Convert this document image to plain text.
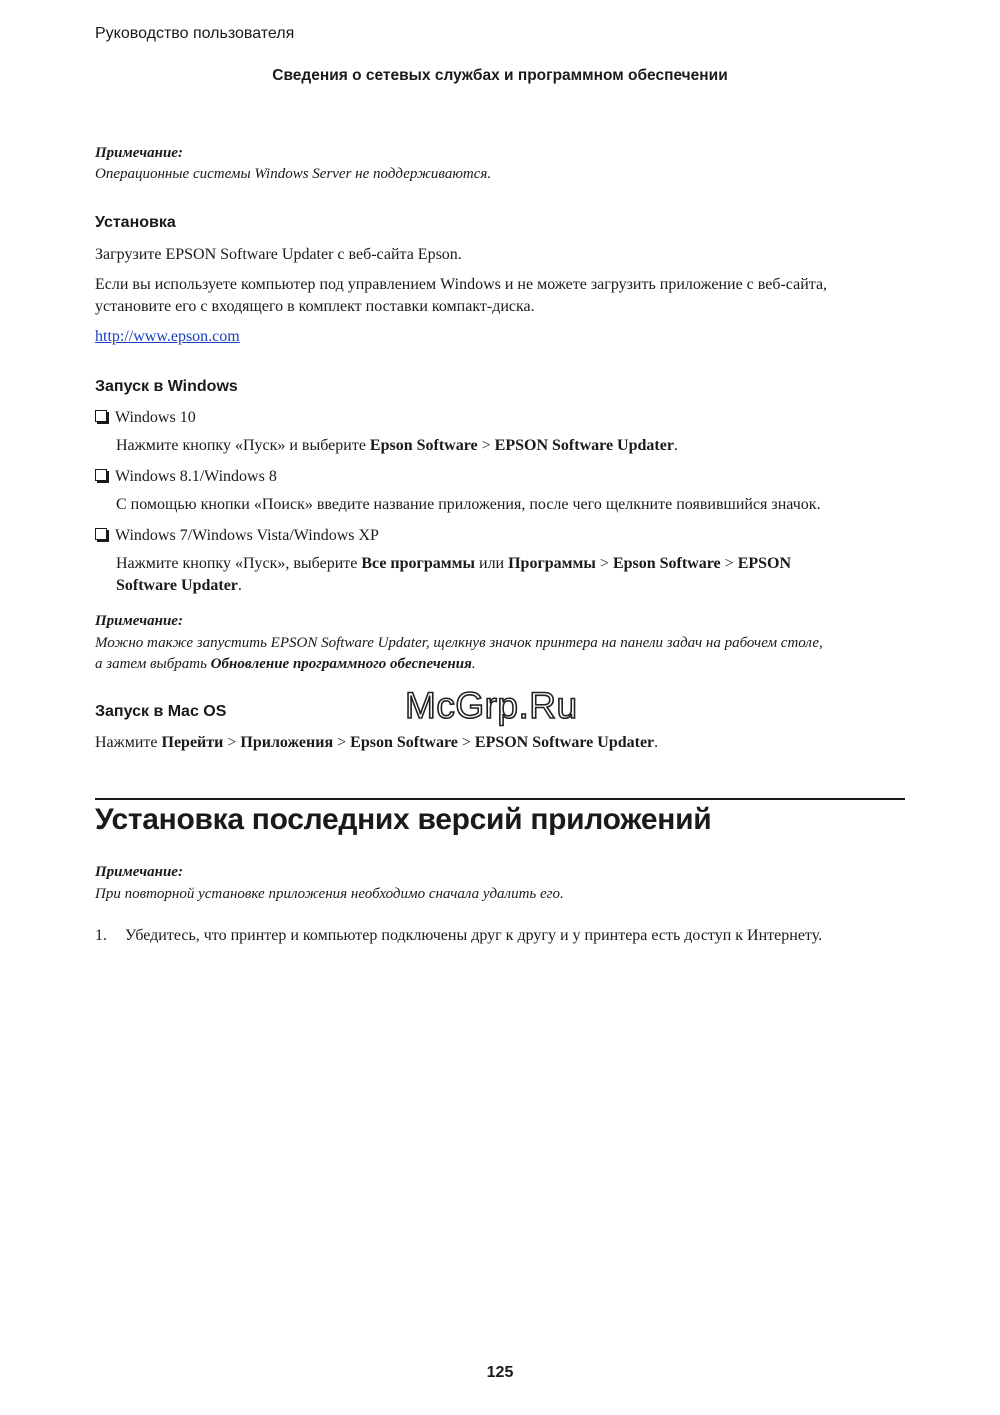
Руководство пользователя
Сведения о сетевых службах и программном обеспечении
Примечание:
Операционные системы Windows Server не поддерживаются.
Установка
Загрузите EPSON Software Updater с веб-сайта Epson.
Если вы используете компьютер под управлением Windows и не можете загрузить приложение с веб-сайта,
установите его с входящего в комплект поставки компакт-диска.
http://www.epson.com
Запуск в Windows
Windows 10
Нажмите кнопку «Пуск» и выберите Epson Software > EPSON Software Updater.
Windows 8.1/Windows 8
С помощью кнопки «Поиск» введите название приложения, после чего щелкните появившийся значок.
Windows 7/Windows Vista/Windows XP
Нажмите кнопку «Пуск», выберите Все программы или Программы > Epson Software > EPSON
Software Updater.
Примечание:
Можно также запустить EPSON Software Updater, щелкнув значок принтера на панели задач на рабочем столе,
а затем выбрать Обновление программного обеспечения.
McGrp.Ru
Запуск в Mac OS
Нажмите Перейти > Приложения > Epson Software > EPSON Software Updater.
Установка последних версий приложений
Примечание:
При повторной установке приложения необходимо сначала удалить его.
1. Убедитесь, что принтер и компьютер подключены друг к другу и у принтера есть доступ к Интернету.
125
